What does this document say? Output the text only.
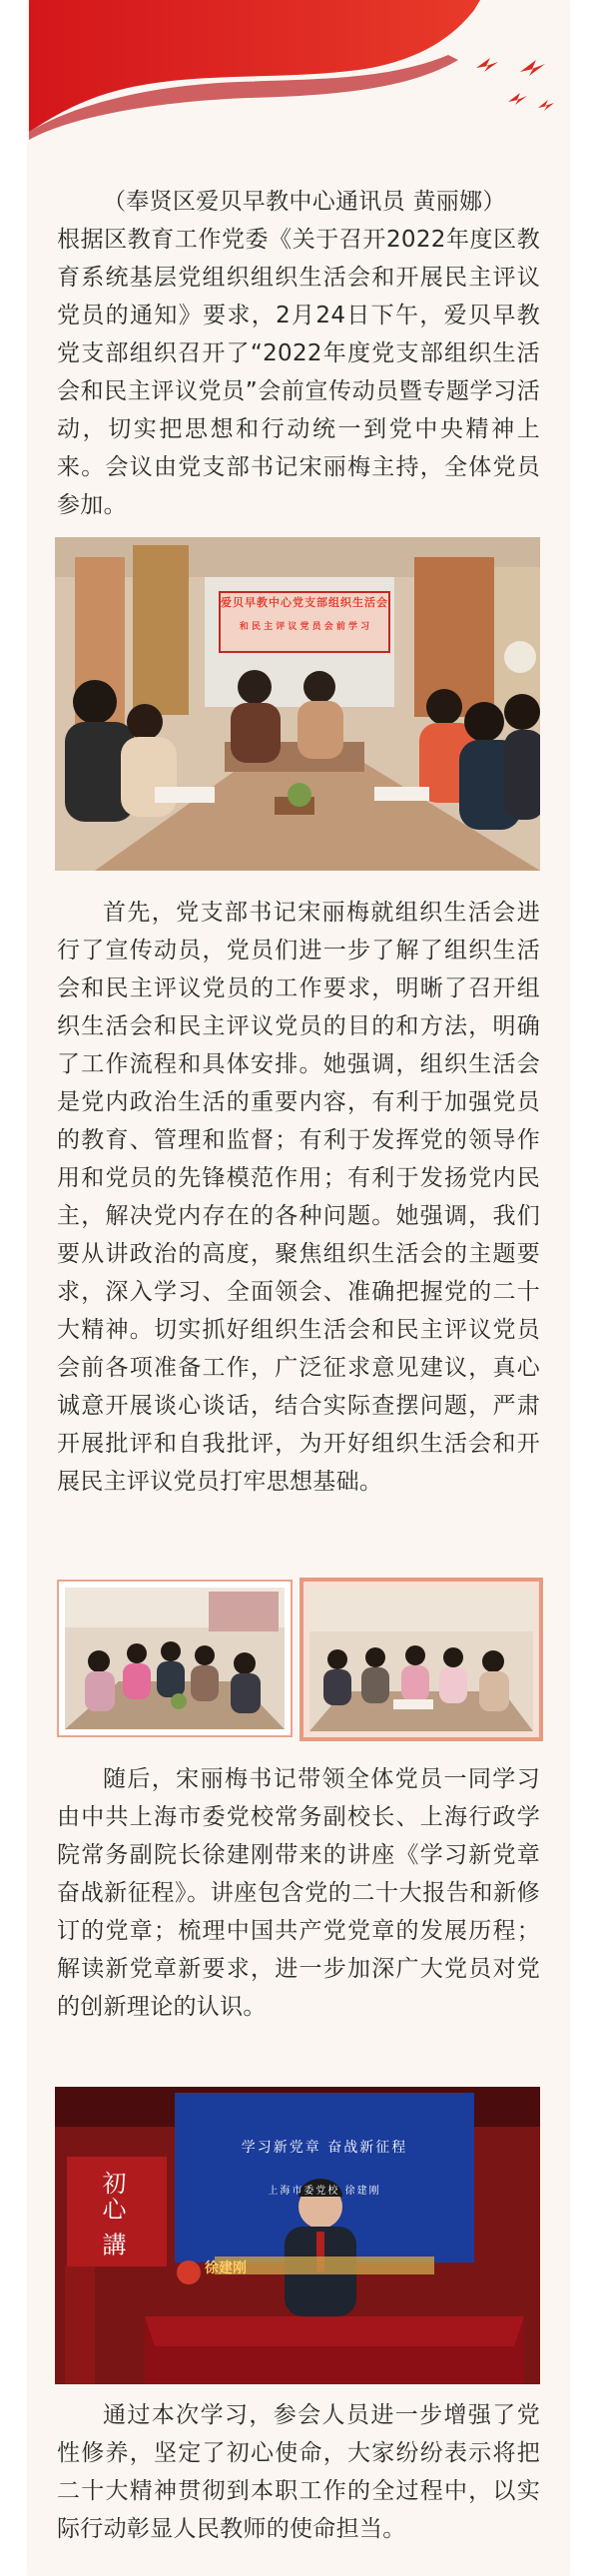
（奉贤区爱贝早教中心通讯员 黄丽娜）

根据区教育工作党委《关于召开2022年度区教育系统基层党组织组织生活会和开展民主评议党员的通知》要求，2月24日下午，爱贝早教党支部组织召开了“2022年度党支部组织生活会和民主评议党员”会前宣传动员暨专题学习活动，切实把思想和行动统一到党中央精神上来。会议由党支部书记宋丽梅主持，全体党员参加。

爱贝早教中心党支部组织生活会
和 民 主 评 议 党 员 会 前 学 习

首先，党支部书记宋丽梅就组织生活会进行了宣传动员，党员们进一步了解了组织生活会和民主评议党员的工作要求，明晰了召开组织生活会和民主评议党员的目的和方法，明确了工作流程和具体安排。她强调，组织生活会是党内政治生活的重要内容，有利于加强党员的教育、管理和监督；有利于发挥党的领导作用和党员的先锋模范作用；有利于发扬党内民主，解决党内存在的各种问题。她强调，我们要从讲政治的高度，聚焦组织生活会的主题要求，深入学习、全面领会、准确把握党的二十大精神。切实抓好组织生活会和民主评议党员会前各项准备工作，广泛征求意见建议，真心诚意开展谈心谈话，结合实际查摆问题，严肃开展批评和自我批评，为开好组织生活会和开展民主评议党员打牢思想基础。

随后，宋丽梅书记带领全体党员一同学习由中共上海市委党校常务副校长、上海行政学院常务副院长徐建刚带来的讲座《学习新党章 奋战新征程》。讲座包含党的二十大报告和新修订的党章；梳理中国共产党党章的发展历程；解读新党章新要求，进一步加深广大党员对党的创新理论的认识。

学习新党章 奋战新征程
上海市委党校 徐建刚
徐建刚
初心 講

通过本次学习，参会人员进一步增强了党性修养，坚定了初心使命，大家纷纷表示将把二十大精神贯彻到本职工作的全过程中，以实际行动彰显人民教师的使命担当。
